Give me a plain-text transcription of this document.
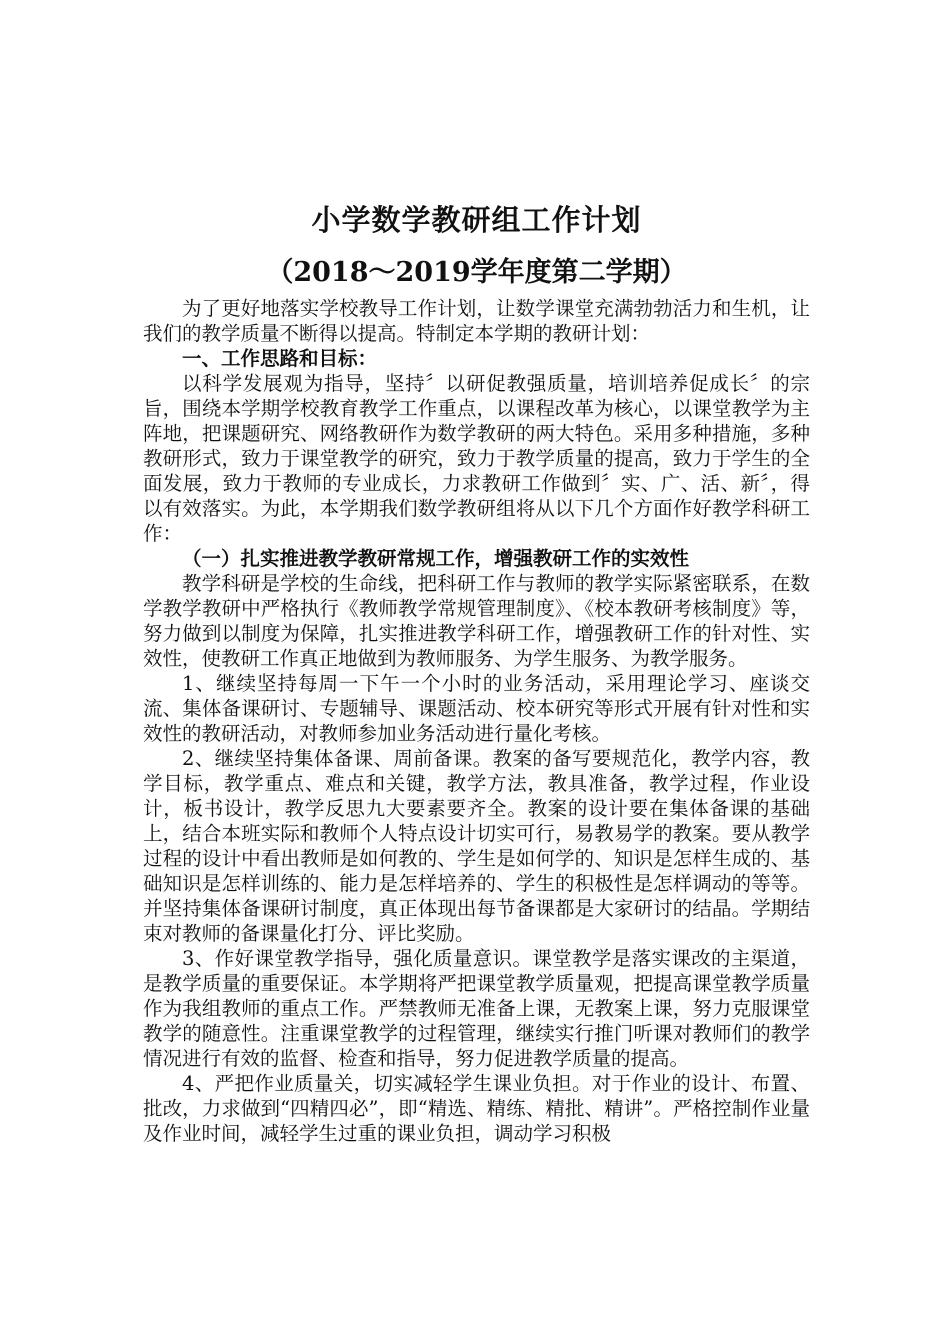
小学数学教研组工作计划
（2018～2019学年度第二学期）

为了更好地落实学校教导工作计划，让数学课堂充满勃勃活力和生机，让我们的教学质量不断得以提高。特制定本学期的教研计划：

一、工作思路和目标：

以科学发展观为指导，坚持〞以研促教强质量，培训培养促成长〞的宗旨，围绕本学期学校教育教学工作重点，以课程改革为核心，以课堂教学为主阵地，把课题研究、网络教研作为数学教研的两大特色。采用多种措施，多种教研形式，致力于课堂教学的研究，致力于教学质量的提高，致力于学生的全面发展，致力于教师的专业成长，力求教研工作做到〞实、广、活、新〞，得以有效落实。为此，本学期我们数学教研组将从以下几个方面作好教学科研工作：

（一）扎实推进教学教研常规工作，增强教研工作的实效性

教学科研是学校的生命线，把科研工作与教师的教学实际紧密联系，在数学教学教研中严格执行《教师教学常规管理制度》、《校本教研考核制度》等，努力做到以制度为保障，扎实推进教学科研工作，增强教研工作的针对性、实效性，使教研工作真正地做到为教师服务、为学生服务、为教学服务。

1、继续坚持每周一下午一个小时的业务活动，采用理论学习、座谈交流、集体备课研讨、专题辅导、课题活动、校本研究等形式开展有针对性和实效性的教研活动，对教师参加业务活动进行量化考核。

2、继续坚持集体备课、周前备课。教案的备写要规范化，教学内容，教学目标，教学重点、难点和关键，教学方法，教具准备，教学过程，作业设计，板书设计，教学反思九大要素要齐全。教案的设计要在集体备课的基础上，结合本班实际和教师个人特点设计切实可行，易教易学的教案。要从教学过程的设计中看出教师是如何教的、学生是如何学的、知识是怎样生成的、基础知识是怎样训练的、能力是怎样培养的、学生的积极性是怎样调动的等等。并坚持集体备课研讨制度，真正体现出每节备课都是大家研讨的结晶。学期结束对教师的备课量化打分、评比奖励。

3、作好课堂教学指导，强化质量意识。课堂教学是落实课改的主渠道，是教学质量的重要保证。本学期将严把课堂教学质量观，把提高课堂教学质量作为我组教师的重点工作。严禁教师无准备上课，无教案上课，努力克服课堂教学的随意性。注重课堂教学的过程管理，继续实行推门听课对教师们的教学情况进行有效的监督、检查和指导，努力促进教学质量的提高。

4、严把作业质量关，切实减轻学生课业负担。对于作业的设计、布置、批改，力求做到“四精四必”，即“精选、精练、精批、精讲”。严格控制作业量及作业时间，减轻学生过重的课业负担，调动学习积极
